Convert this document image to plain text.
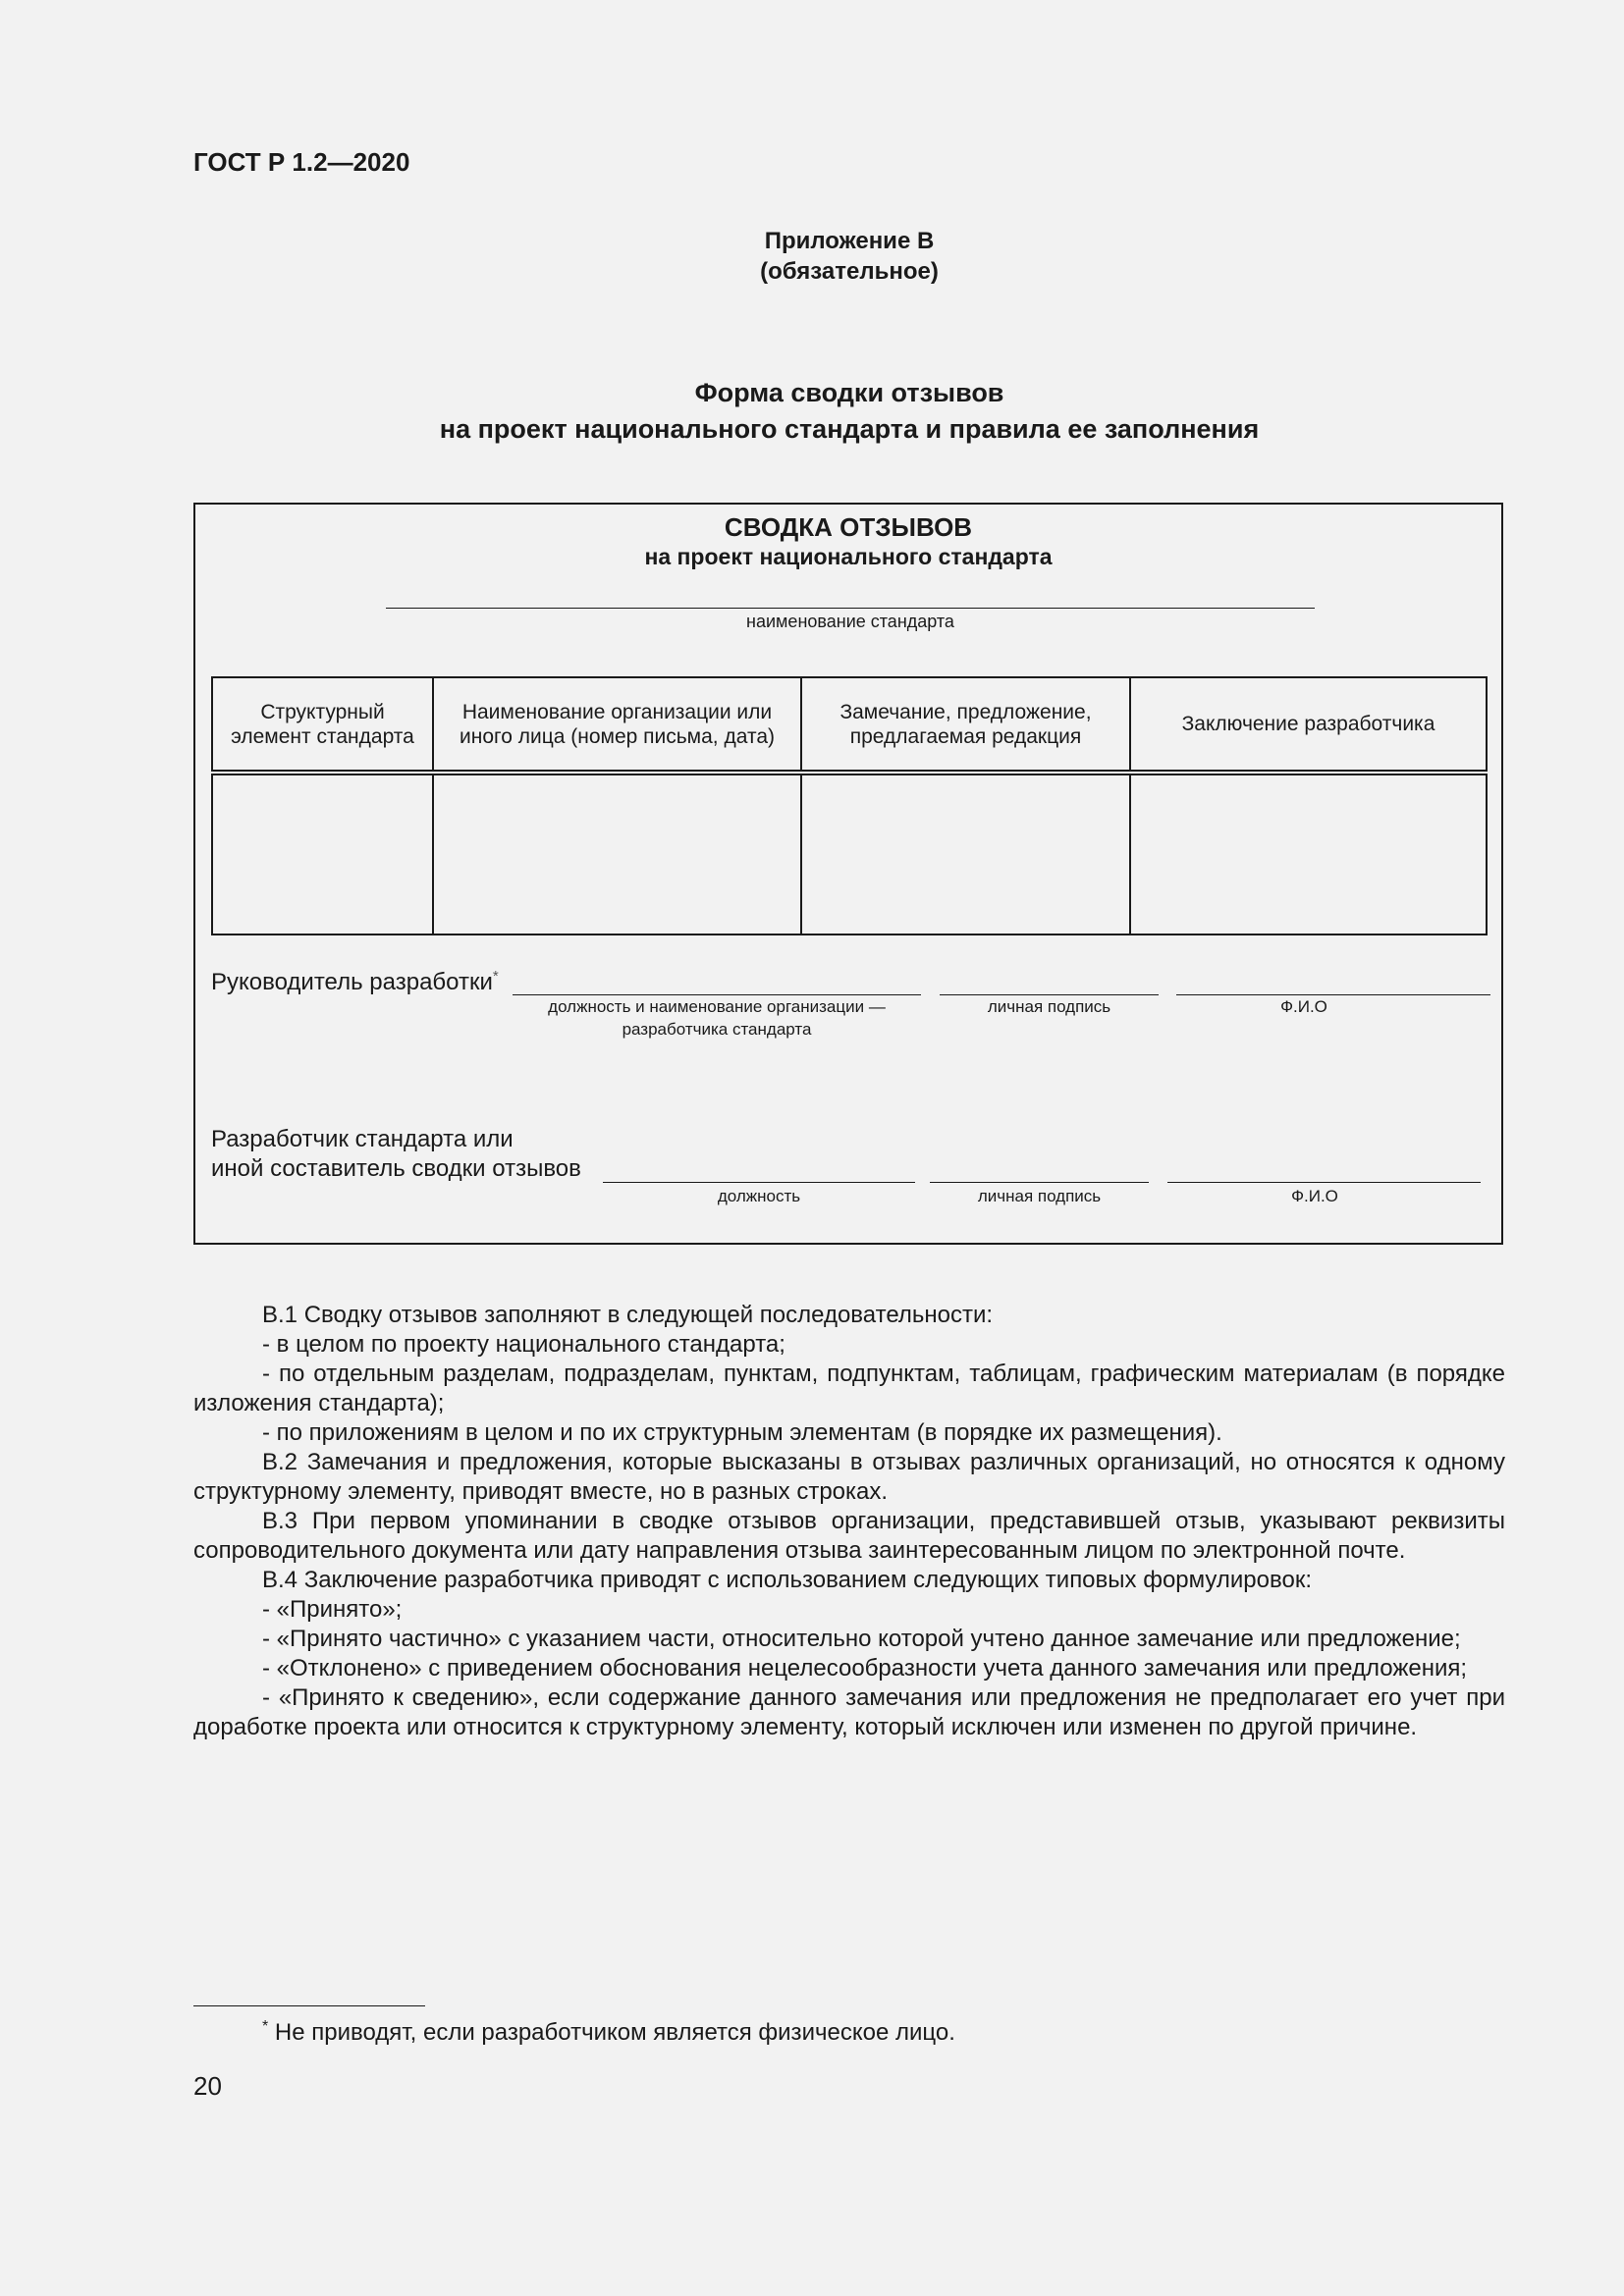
ГОСТ Р 1.2—2020
Приложение В
(обязательное)
Форма сводки отзывов
на проект национального стандарта и правила ее заполнения
СВОДКА ОТЗЫВОВ
на проект национального стандарта
наименование стандарта
Структурный элемент стандарта	Наименование организации или иного лица (номер письма, дата)	Замечание, предложение, предлагаемая редакция	Заключение разработчика

Руководитель разработки*
должность и наименование организации —
разработчика стандарта
личная подпись	Ф.И.О
Разработчик стандарта или
иной составитель сводки отзывов
должность	личная подпись	Ф.И.О

В.1 Сводку отзывов заполняют в следующей последовательности:

- в целом по проекту национального стандарта;

- по отдельным разделам, подразделам, пунктам, подпунктам, таблицам, графическим материалам (в порядке изложения стандарта);

- по приложениям в целом и по их структурным элементам (в порядке их размещения).

В.2 Замечания и предложения, которые высказаны в отзывах различных организаций, но относятся к одному структурному элементу, приводят вместе, но в разных строках.

В.3 При первом упоминании в сводке отзывов организации, представившей отзыв, указывают реквизиты сопроводительного документа или дату направления отзыва заинтересованным лицом по электронной почте.

В.4 Заключение разработчика приводят с использованием следующих типовых формулировок:

- «Принято»;

- «Принято частично» с указанием части, относительно которой учтено данное замечание или предложение;

- «Отклонено» с приведением обоснования нецелесообразности учета данного замечания или предложения;

- «Принято к сведению», если содержание данного замечания или предложения не предполагает его учет при доработке проекта или относится к структурному элементу, который исключен или изменен по другой причине.

* Не приводят, если разработчиком является физическое лицо.
20
